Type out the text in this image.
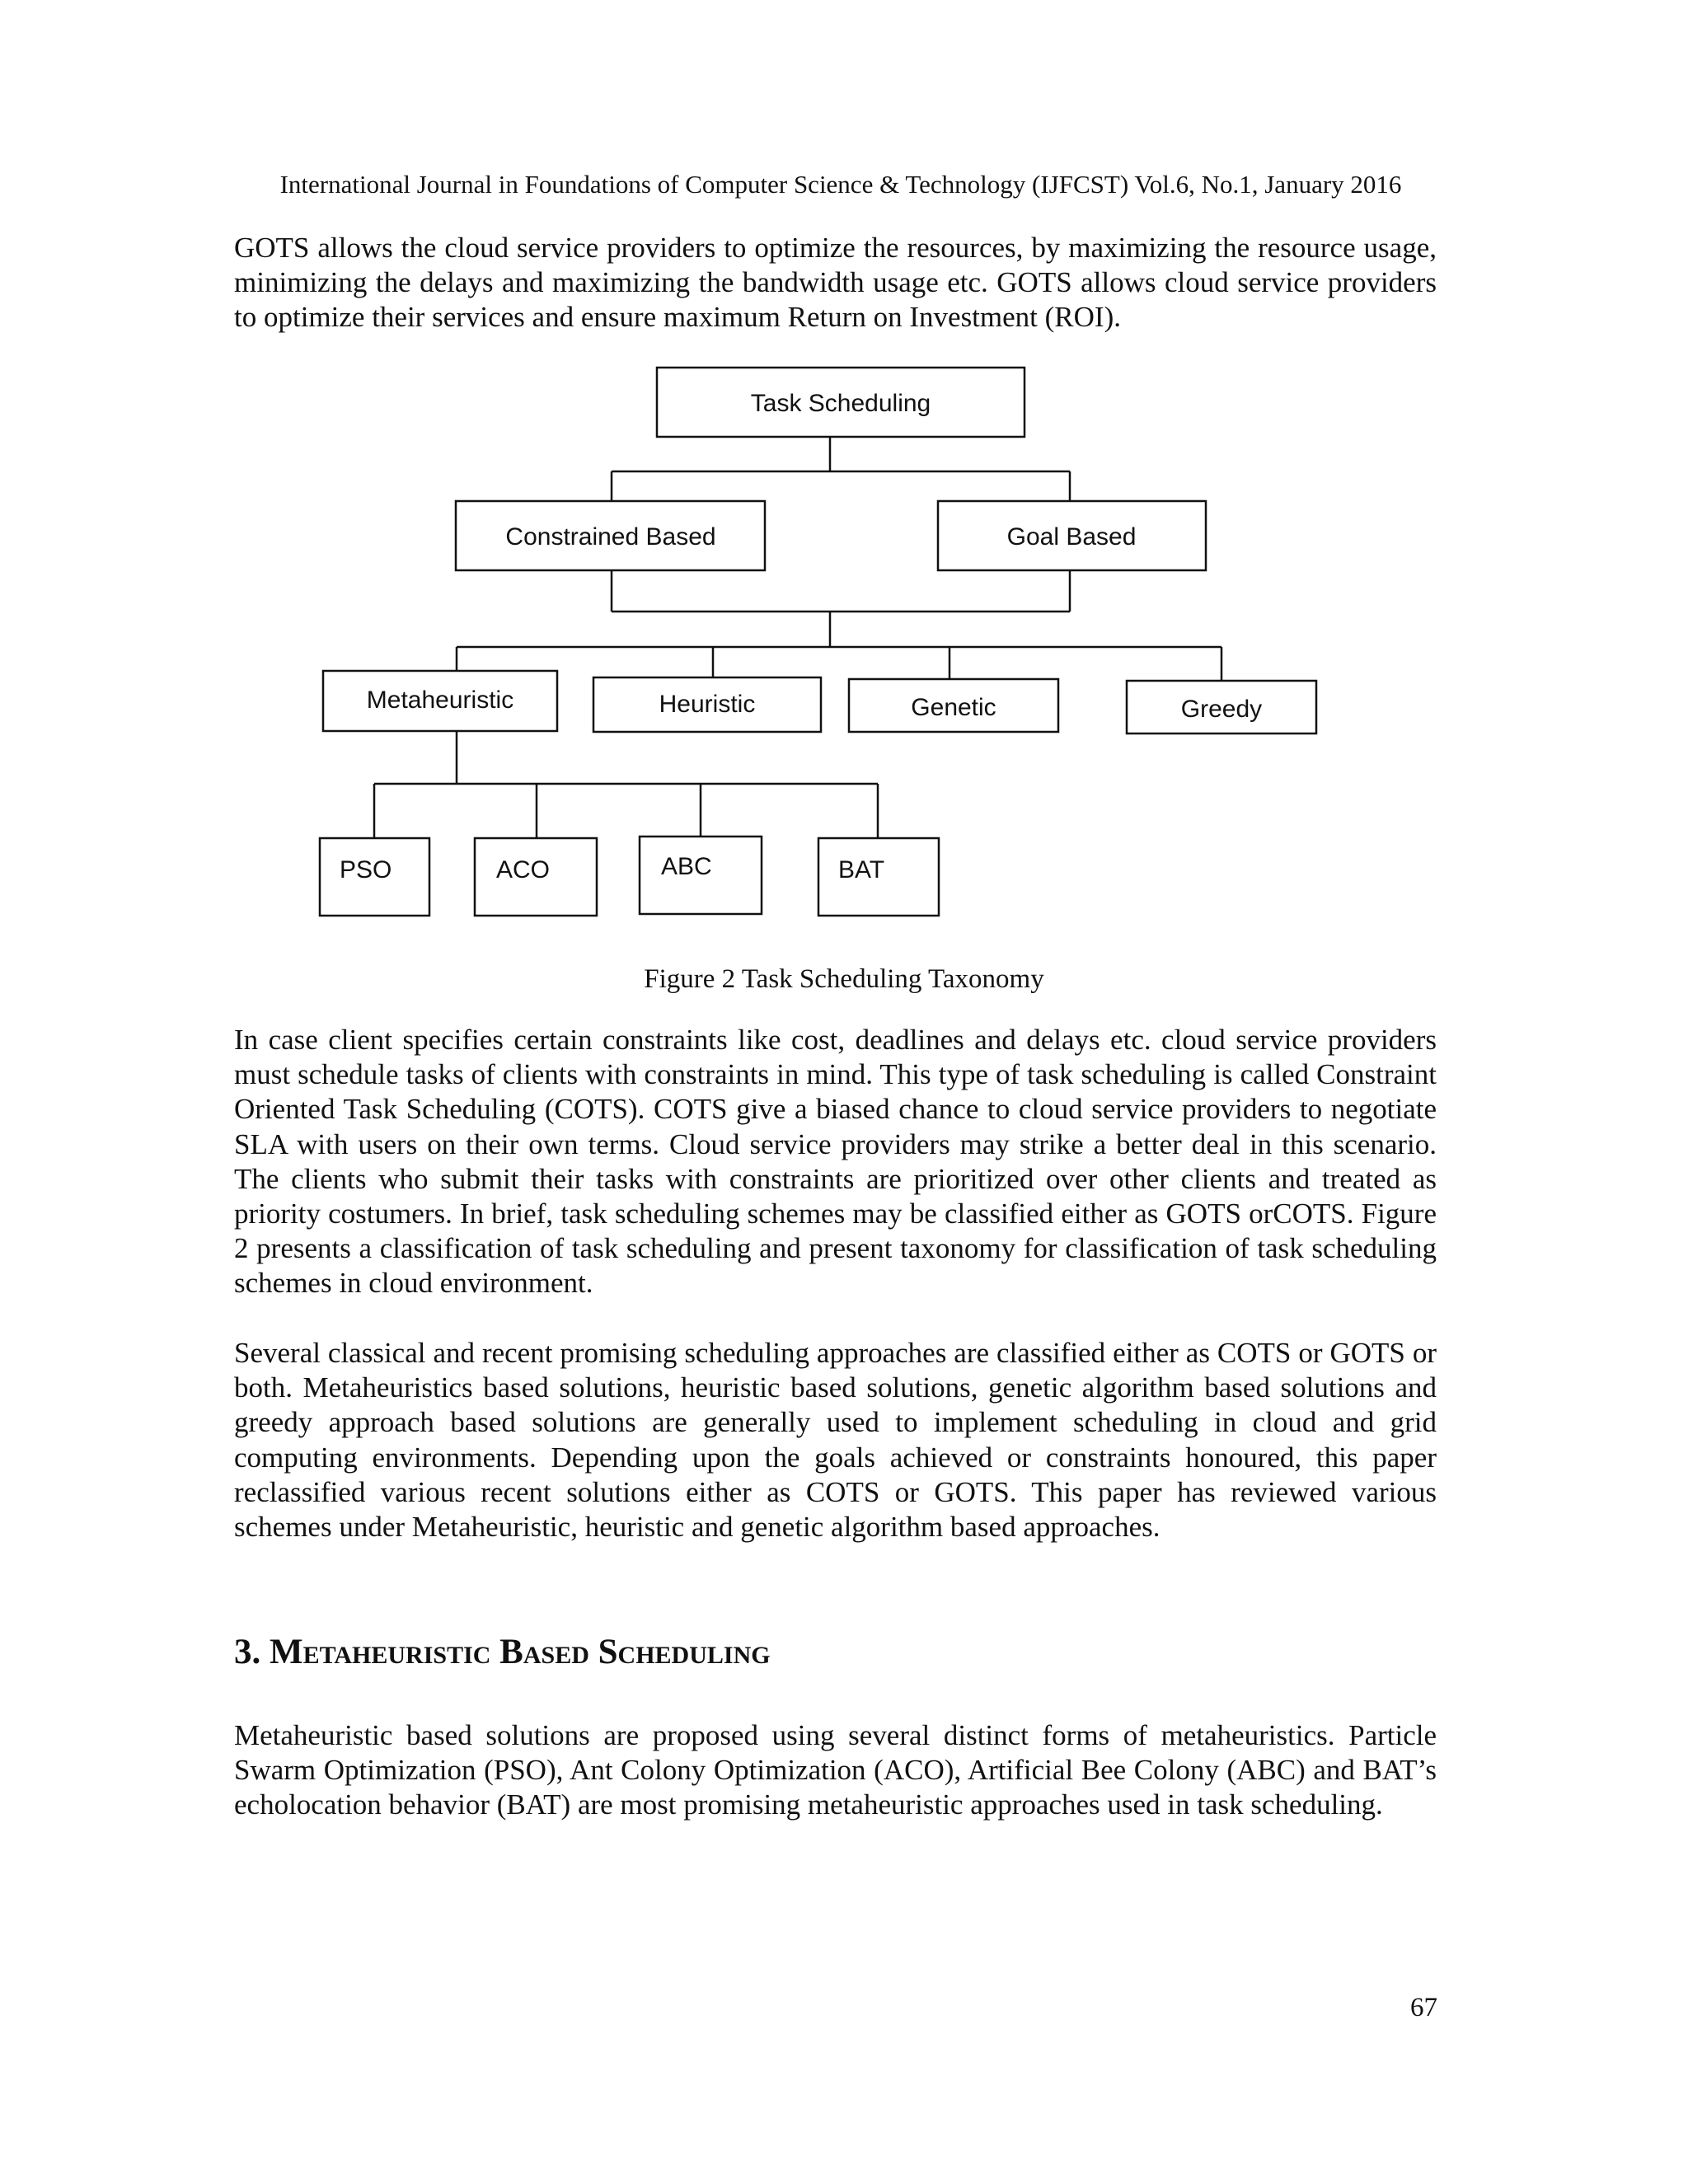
International Journal in Foundations of Computer Science & Technology (IJFCST) Vol.6, No.1, January 2016

GOTS allows the cloud service providers to optimize the resources, by maximizing the resource usage, minimizing the delays and maximizing the bandwidth usage etc. GOTS allows cloud service providers to optimize their services and ensure maximum Return on Investment (ROI).

Task Scheduling
Constrained Based	Goal Based
Metaheuristic	Heuristic	Genetic	Greedy
PSO	ACO	ABC	BAT
Figure 2 Task Scheduling Taxonomy

In case client specifies certain constraints like cost, deadlines and delays etc. cloud service providers must schedule tasks of clients with constraints in mind. This type of task scheduling is called Constraint Oriented Task Scheduling (COTS). COTS give a biased chance to cloud service providers to negotiate SLA with users on their own terms. Cloud service providers may strike a better deal in this scenario. The clients who submit their tasks with constraints are prioritized over other clients and treated as priority costumers. In brief, task scheduling schemes may be classified either as GOTS orCOTS. Figure 2 presents a classification of task scheduling and present taxonomy for classification of task scheduling schemes in cloud environment.

Several classical and recent promising scheduling approaches are classified either as COTS or GOTS or both. Metaheuristics based solutions, heuristic based solutions, genetic algorithm based solutions and greedy approach based solutions are generally used to implement scheduling in cloud and grid computing environments. Depending upon the goals achieved or constraints honoured, this paper reclassified various recent solutions either as COTS or GOTS. This paper has reviewed various schemes under Metaheuristic, heuristic and genetic algorithm based approaches.

3. Metaheuristic Based Scheduling

Metaheuristic based solutions are proposed using several distinct forms of metaheuristics. Particle Swarm Optimization (PSO), Ant Colony Optimization (ACO), Artificial Bee Colony (ABC) and BAT’s echolocation behavior (BAT) are most promising metaheuristic approaches used in task scheduling.

67
